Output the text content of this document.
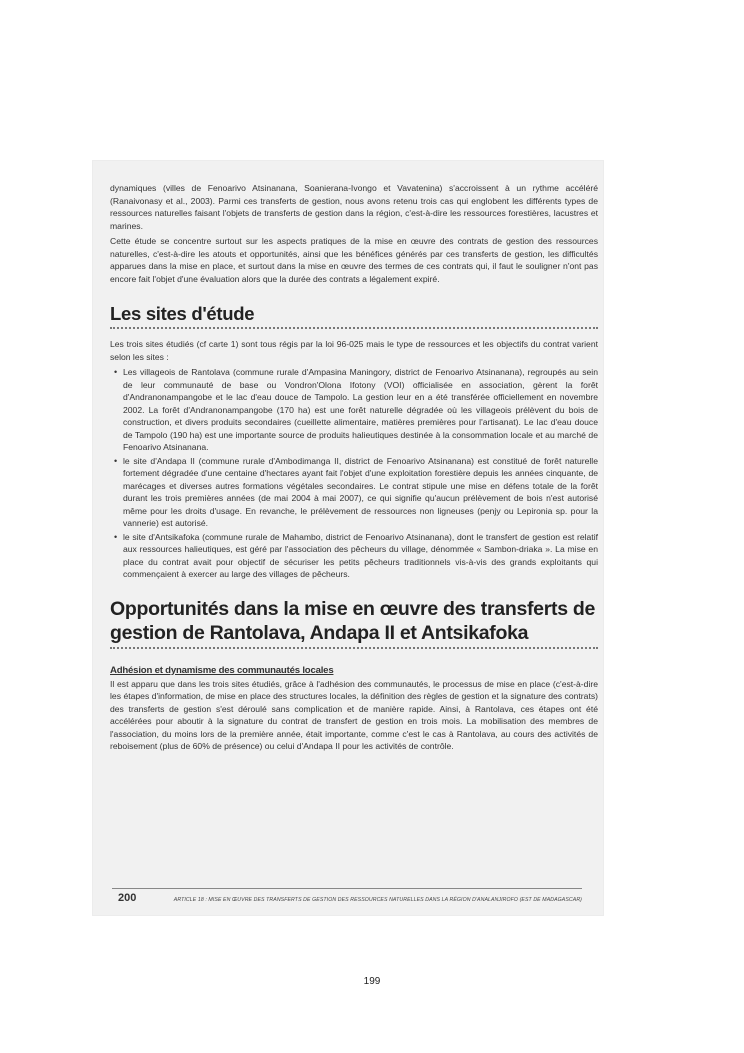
dynamiques (villes de Fenoarivo Atsinanana, Soanierana-Ivongo et Vavatenina) s'accroissent à un rythme accéléré (Ranaivonasy et al., 2003). Parmi ces transferts de gestion, nous avons retenu trois cas qui englobent les différents types de ressources naturelles faisant l'objets de transferts de gestion dans la région, c'est-à-dire les ressources forestières, lacustres et marines.

Cette étude se concentre surtout sur les aspects pratiques de la mise en œuvre des contrats de gestion des ressources naturelles, c'est-à-dire les atouts et opportunités, ainsi que les bénéfices générés par ces transferts de gestion, les difficultés apparues dans la mise en place, et surtout dans la mise en œuvre des termes de ces contrats qui, il faut le souligner n'ont pas encore fait l'objet d'une évaluation alors que la durée des contrats a légalement expiré.

Les sites d'étude

Les trois sites étudiés (cf carte 1) sont tous régis par la loi 96-025 mais le type de ressources et les objectifs du contrat varient selon les sites :

• Les villageois de Rantolava (commune rurale d'Ampasina Maningory, district de Fenoarivo Atsinanana), regroupés au sein de leur communauté de base ou Vondron'Olona Ifotony (VOI) officialisée en association, gèrent la forêt d'Andranonampangobe et le lac d'eau douce de Tampolo. La gestion leur en a été transférée officiellement en novembre 2002. La forêt d'Andranonampangobe (170 ha) est une forêt naturelle dégradée où les villageois prélèvent du bois de construction, et divers produits secondaires (cueillette alimentaire, matières premières pour l'artisanat). Le lac d'eau douce de Tampolo (190 ha) est une importante source de produits halieutiques destinée à la consommation locale et au marché de Fenoarivo Atsinanana.
• le site d'Andapa II (commune rurale d'Ambodimanga II, district de Fenoarivo Atsinanana) est constitué de forêt naturelle fortement dégradée d'une centaine d'hectares ayant fait l'objet d'une exploitation forestière depuis les années cinquante, de marécages et diverses autres formations végétales secondaires. Le contrat stipule une mise en défens totale de la forêt durant les trois premières années (de mai 2004 à mai 2007), ce qui signifie qu'aucun prélèvement de bois n'est autorisé même pour les droits d'usage. En revanche, le prélèvement de ressources non ligneuses (penjy ou Lepironia sp. pour la vannerie) est autorisé.
• le site d'Antsikafoka (commune rurale de Mahambo, district de Fenoarivo Atsinanana), dont le transfert de gestion est relatif aux ressources halieutiques, est géré par l'association des pêcheurs du village, dénommée « Sambon-driaka ». La mise en place du contrat avait pour objectif de sécuriser les petits pêcheurs traditionnels vis-à-vis des grands exploitants qui commençaient à exercer au large des villages de pêcheurs.
Opportunités dans la mise en œuvre des transferts de gestion de Rantolava, Andapa II et Antsikafoka
Adhésion et dynamisme des communautés locales

Il est apparu que dans les trois sites étudiés, grâce à l'adhésion des communautés, le processus de mise en place (c'est-à-dire les étapes d'information, de mise en place des structures locales, la définition des règles de gestion et la signature des contrats) des transferts de gestion s'est déroulé sans complication et de manière rapide. Ainsi, à Rantolava, ces étapes ont été accélérées pour aboutir à la signature du contrat de transfert de gestion en trois mois. La mobilisation des membres de l'association, du moins lors de la première année, était importante, comme c'est le cas à Rantolava, au cours des activités de reboisement (plus de 60% de présence) ou celui d'Andapa II pour les activités de contrôle.

200	ARTICLE 18 : MISE EN ŒUVRE DES TRANSFERTS DE GESTION DES RESSOURCES NATURELLES DANS LA RÉGION D'ANALANJIROFO (EST DE MADAGASCAR)
199
